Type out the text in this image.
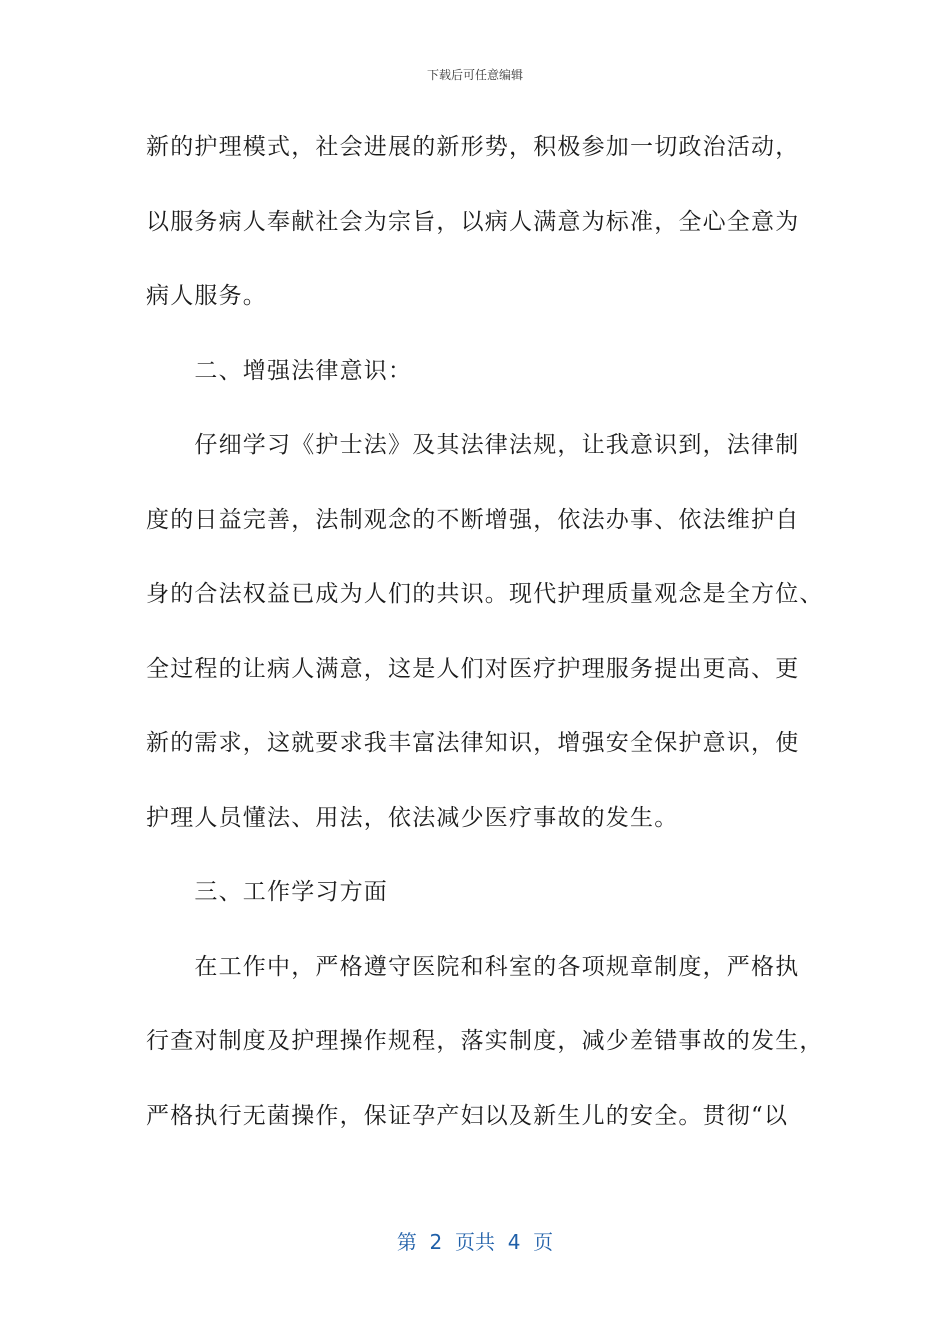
下载后可任意编辑
新的护理模式，社会进展的新形势，积极参加一切政治活动，
以服务病人奉献社会为宗旨，以病人满意为标准，全心全意为
病人服务。
　　二、增强法律意识：
　　仔细学习《护士法》及其法律法规，让我意识到，法律制
度的日益完善，法制观念的不断增强，依法办事、依法维护自
身的合法权益已成为人们的共识。现代护理质量观念是全方位、
全过程的让病人满意，这是人们对医疗护理服务提出更高、更
新的需求，这就要求我丰富法律知识，增强安全保护意识，使
护理人员懂法、用法，依法减少医疗事故的发生。
　　三、工作学习方面
　　在工作中，严格遵守医院和科室的各项规章制度，严格执
行查对制度及护理操作规程，落实制度，减少差错事故的发生，
严格执行无菌操作，保证孕产妇以及新生儿的安全。贯彻“以
第  2  页共  4  页
